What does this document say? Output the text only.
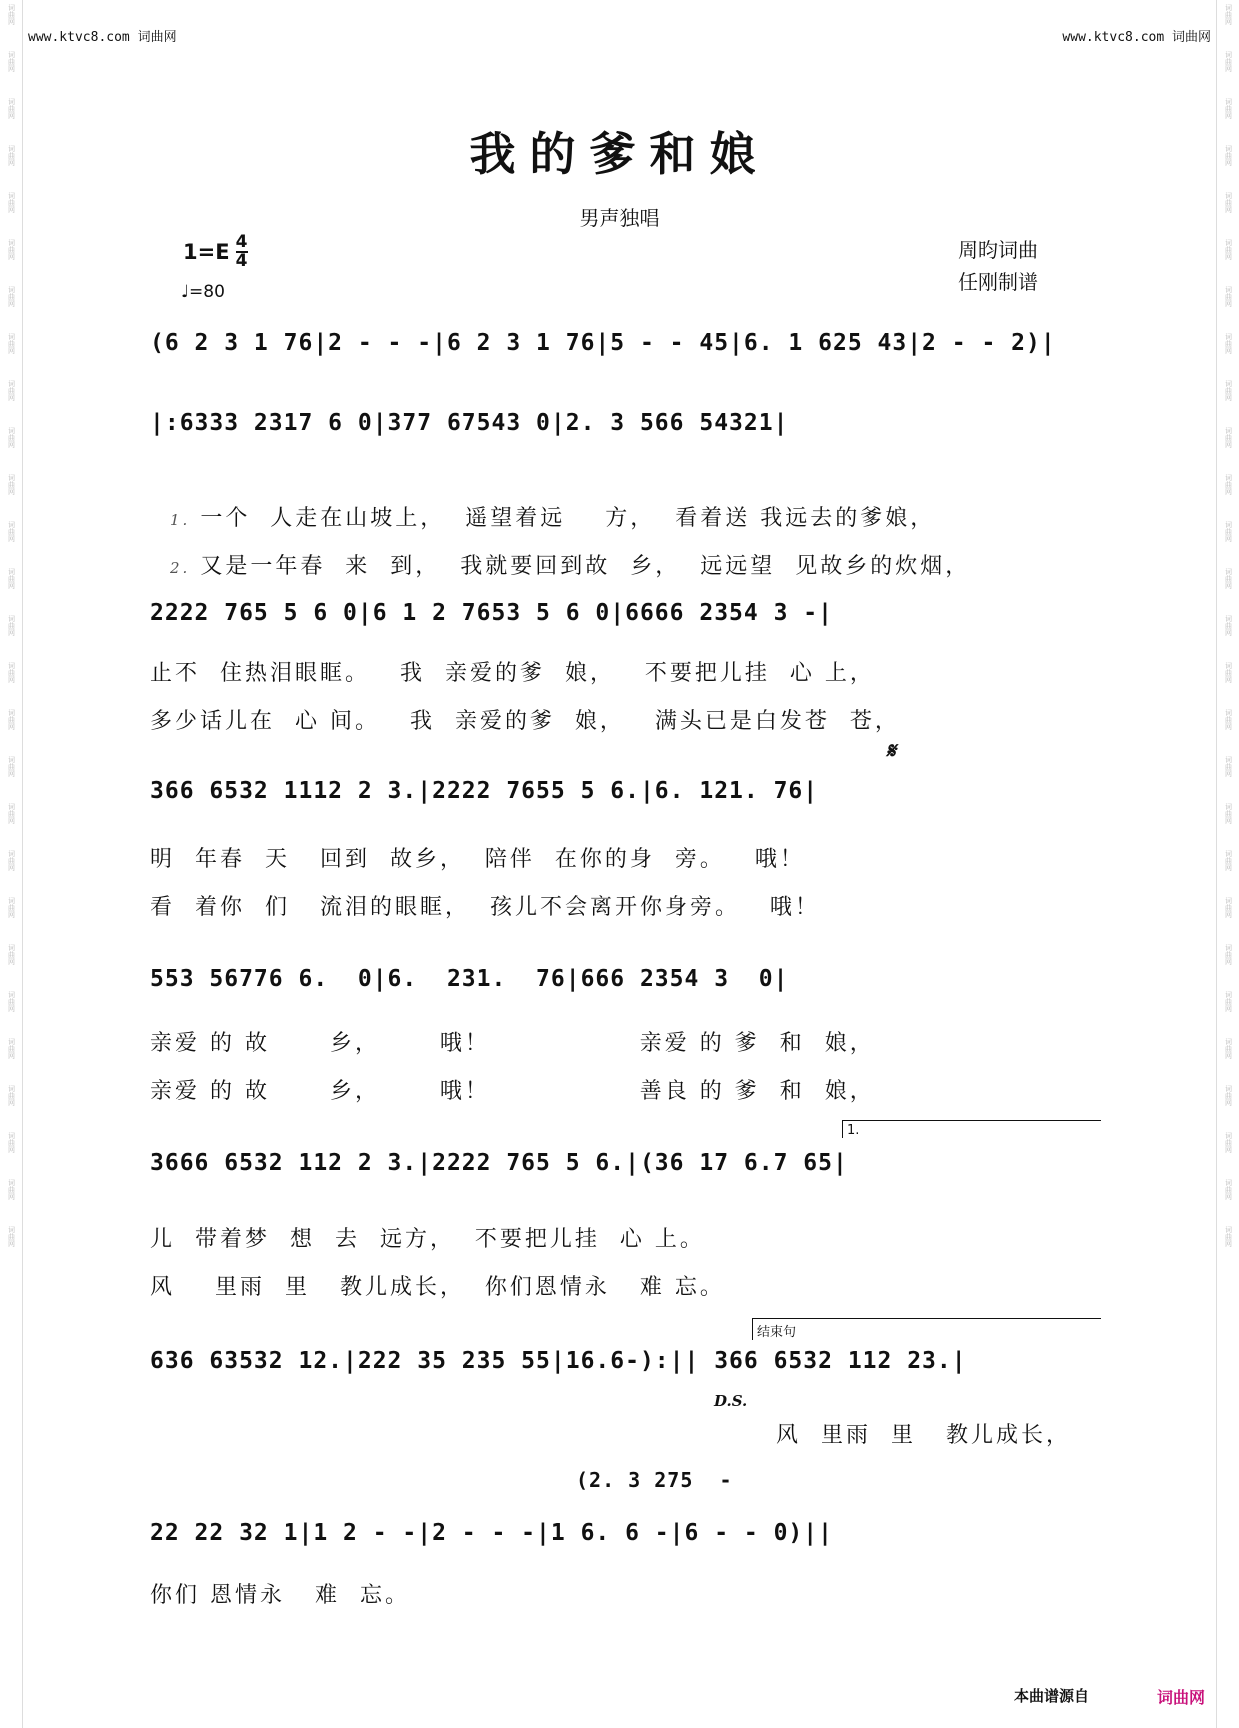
词曲网
词曲网
词曲网
词曲网
词曲网
词曲网
词曲网
词曲网
词曲网
词曲网
词曲网
词曲网
词曲网
词曲网
词曲网
词曲网
词曲网
词曲网
词曲网
词曲网
词曲网
词曲网
词曲网
词曲网
词曲网
词曲网
词曲网
词曲网
词曲网
词曲网
词曲网
词曲网
词曲网
词曲网
词曲网
词曲网
词曲网
词曲网
词曲网
词曲网
词曲网
词曲网
词曲网
词曲网
词曲网
词曲网
词曲网
词曲网
词曲网
词曲网
词曲网
词曲网
词曲网
词曲网
www.ktvc8.com 词曲网	www.ktvc8.com 词曲网
我的爹和娘
男声独唱
$1=E \frac{4}{4}$
♩=80
周昀词曲
任刚制谱
(6 2 3 1 76|2 - - -|6 2 3 1 76|5 - - 45|6. 1 625 43|2 - - 2)|
|:6333 2317 6 0|377 67543 0|2. 3 566 54321|

1. 一个  人走在山坡上，  遥望着远    方，  看着送 我远去的爹娘，

2. 又是一年春  来  到，  我就要回到故  乡，  远远望  见故乡的炊烟，

2222 765 5 6 0|6 1 2 7653 5 6 0|6666 2354 3 -|
止不  住热泪眼眶。   我  亲爱的爹  娘，   不要把儿挂  心 上，
多少话儿在  心 间。   我  亲爱的爹  娘，   满头已是白发苍  苍，
𝄋
366 6532 1112 2 3.|2222 7655 5 6.|6. 121. 76|
明  年春  天   回到  故乡，  陪伴  在你的身  旁。   哦！
看  着你  们   流泪的眼眶，  孩儿不会离开你身旁。   哦！
553 56776 6.  0|6.  231.  76|666 2354 3  0|
亲爱 的 故      乡，      哦！               亲爱 的 爹  和  娘，
亲爱 的 故      乡，      哦！               善良 的 爹  和  娘，
1.
3666 6532 112 2 3.|2222 765 5 6.|(36 17 6.7 65|
儿  带着梦  想  去  远方，  不要把儿挂  心 上。
风    里雨  里   教儿成长，  你们恩情永   难 忘。
结束句
636 63532 12.|222 35 235 55|16.6-):|| 366 6532 112 23.|
D.S.
风  里雨  里   教儿成长，
(2. 3 275  -
22 22 32 1|1 2 - -|2 - - -|1 6. 6 -|6 - - 0)||
你们 恩情永   难  忘。
本曲谱源自	词曲网
